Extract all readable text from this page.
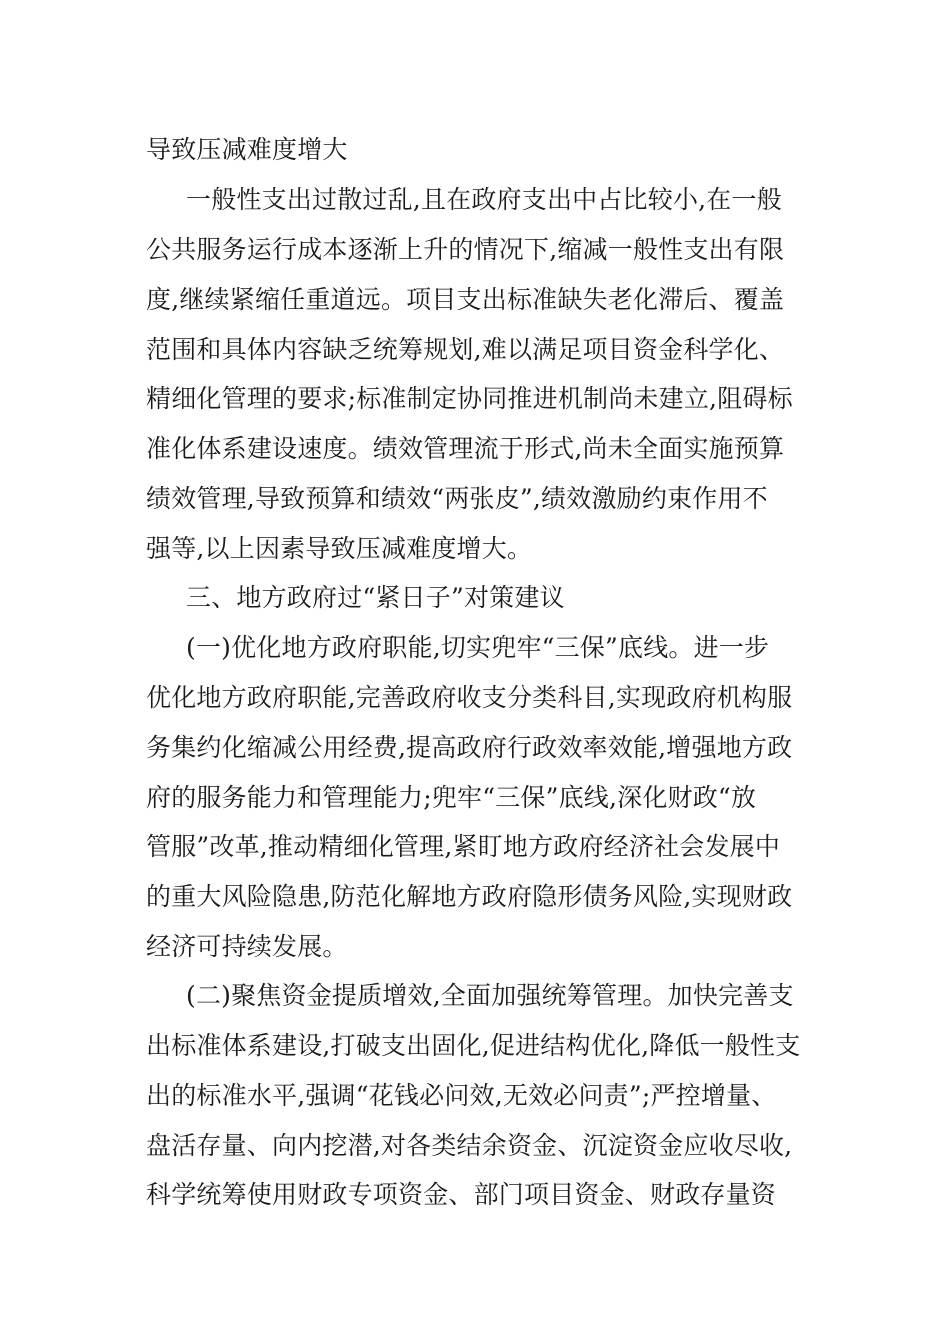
导致压减难度增大
一般性支出过散过乱,且在政府支出中占比较小,在一般
公共服务运行成本逐渐上升的情况下,缩减一般性支出有限
度,继续紧缩任重道远。项目支出标准缺失老化滞后、覆盖
范围和具体内容缺乏统筹规划,难以满足项目资金科学化、
精细化管理的要求;标准制定协同推进机制尚未建立,阻碍标
准化体系建设速度。绩效管理流于形式,尚未全面实施预算
绩效管理,导致预算和绩效“两张皮”,绩效激励约束作用不
强等,以上因素导致压减难度增大。
三、地方政府过“紧日子”对策建议
(一)优化地方政府职能,切实兜牢“三保”底线。进一步
优化地方政府职能,完善政府收支分类科目,实现政府机构服
务集约化缩减公用经费,提高政府行政效率效能,增强地方政
府的服务能力和管理能力;兜牢“三保”底线,深化财政“放
管服”改革,推动精细化管理,紧盯地方政府经济社会发展中
的重大风险隐患,防范化解地方政府隐形债务风险,实现财政
经济可持续发展。
(二)聚焦资金提质增效,全面加强统筹管理。加快完善支
出标准体系建设,打破支出固化,促进结构优化,降低一般性支
出的标准水平,强调“花钱必问效,无效必问责”;严控增量、
盘活存量、向内挖潜,对各类结余资金、沉淀资金应收尽收,
科学统筹使用财政专项资金、部门项目资金、财政存量资
